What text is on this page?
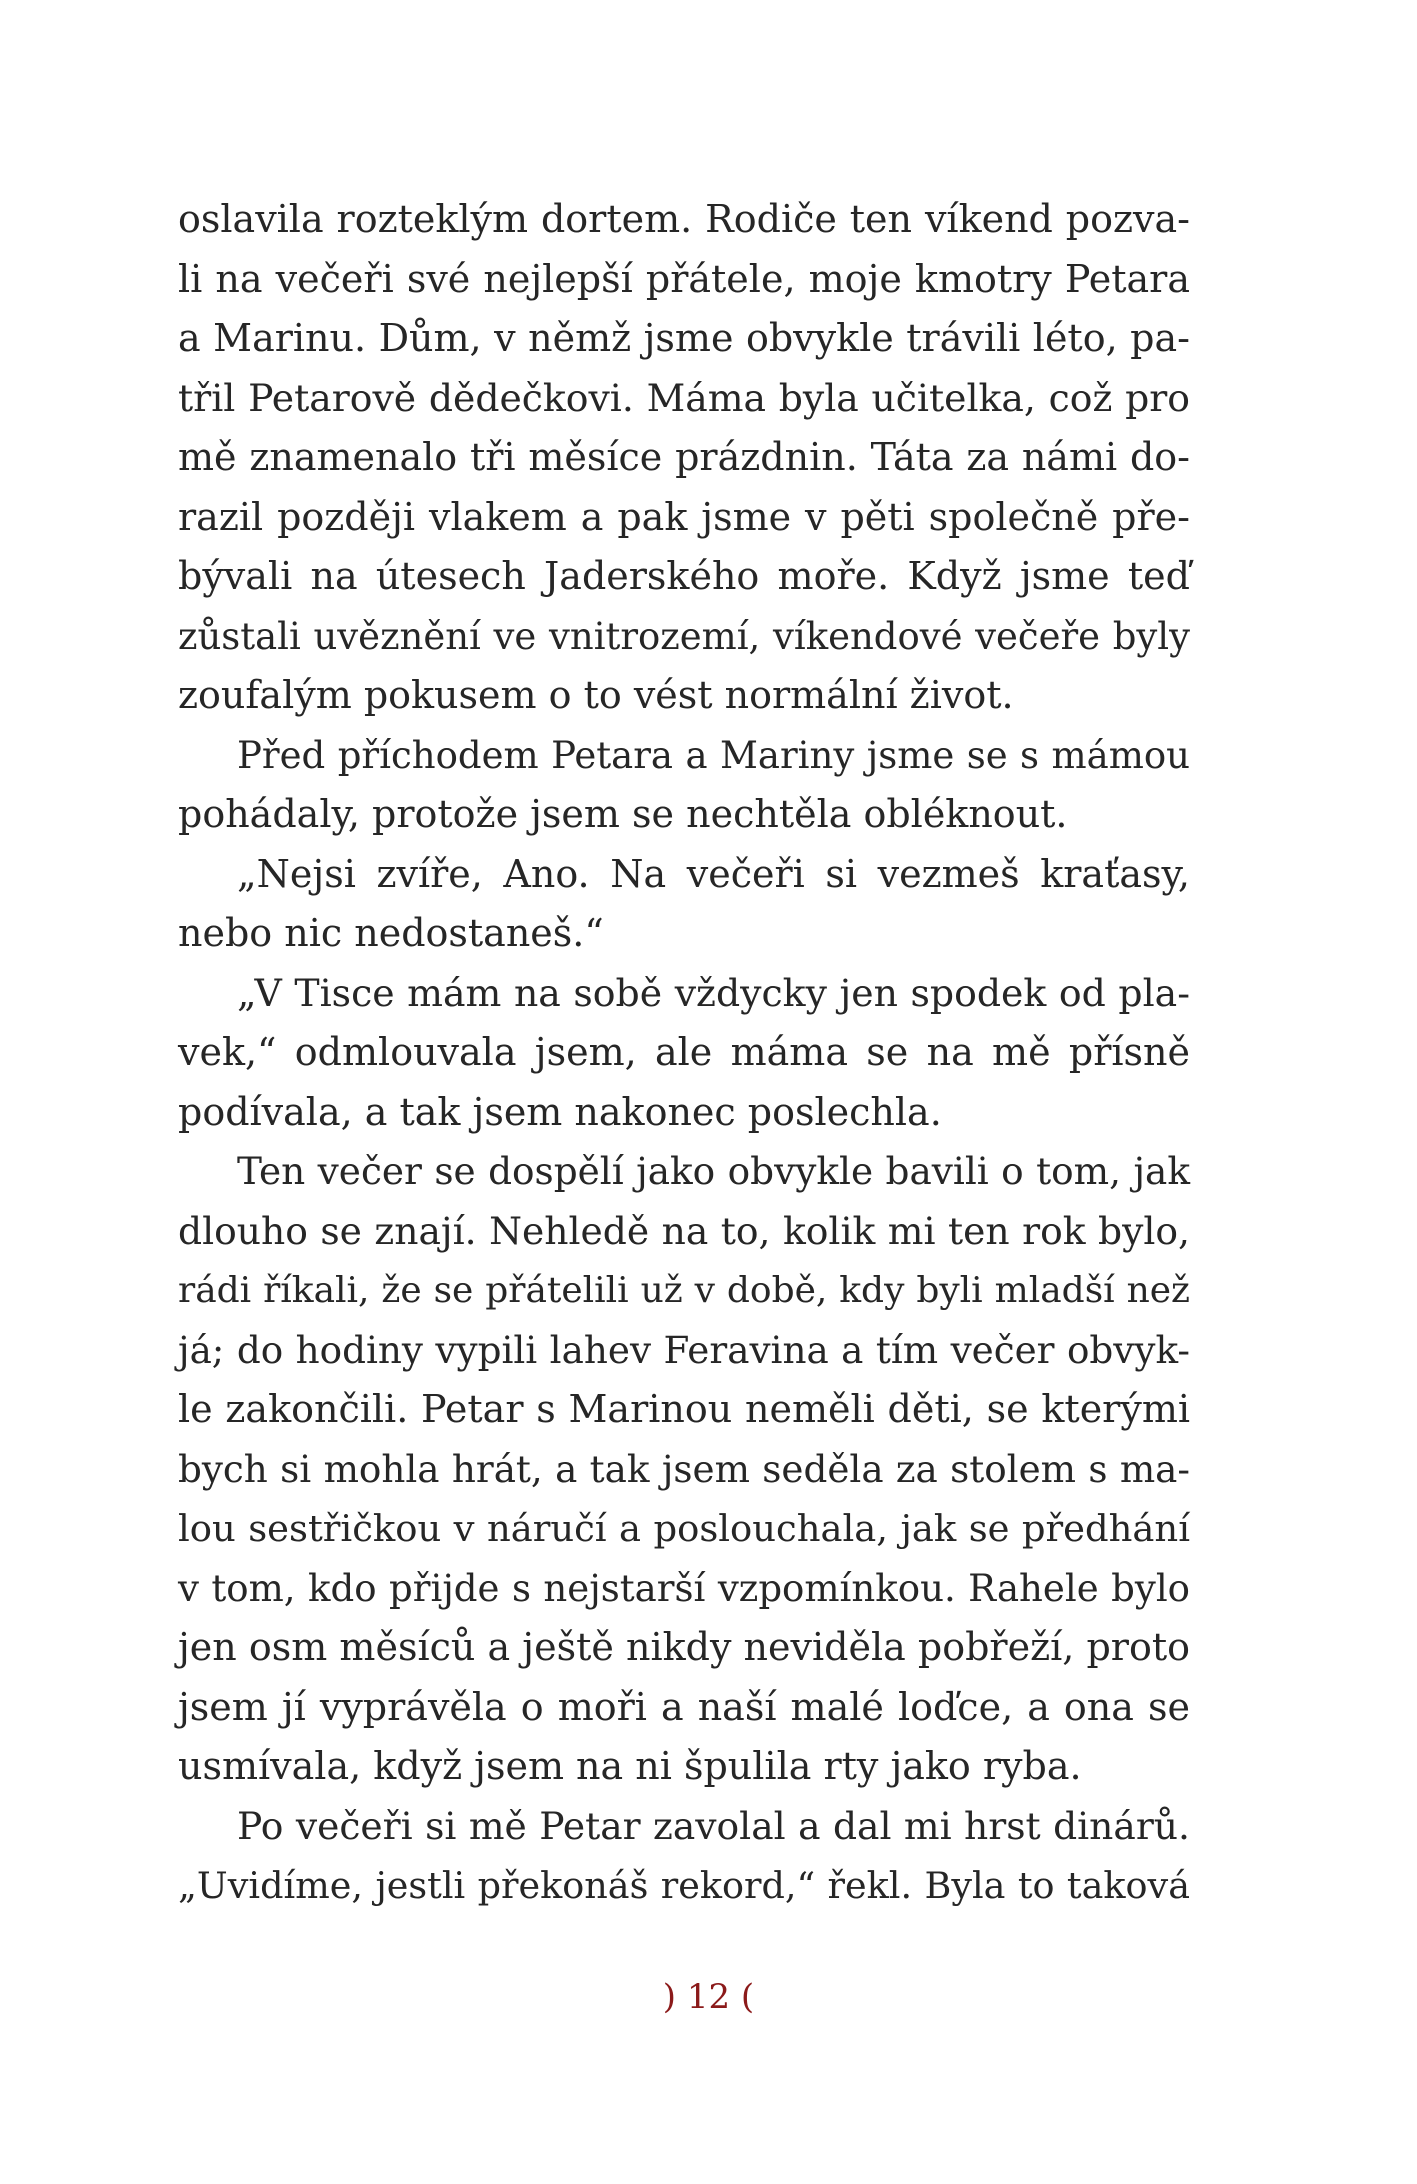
oslavila rozteklým dortem. Rodiče ten víkend pozva-
li na večeři své nejlepší přátele, moje kmotry Petara
a Marinu. Dům, v němž jsme obvykle trávili léto, pa-
třil Petarově dědečkovi. Máma byla učitelka, což pro
mě znamenalo tři měsíce prázdnin. Táta za námi do-
razil později vlakem a pak jsme v pěti společně pře-
bývali na útesech Jaderského moře. Když jsme teď
zůstali uvěznění ve vnitrozemí, víkendové večeře byly
zoufalým pokusem o to vést normální život.
Před příchodem Petara a Mariny jsme se s mámou
pohádaly, protože jsem se nechtěla obléknout.
„Nejsi zvíře, Ano. Na večeři si vezmeš kraťasy,
nebo nic nedostaneš.“
„V Tisce mám na sobě vždycky jen spodek od pla-
vek,“ odmlouvala jsem, ale máma se na mě přísně
podívala, a tak jsem nakonec poslechla.
Ten večer se dospělí jako obvykle bavili o tom, jak
dlouho se znají. Nehledě na to, kolik mi ten rok bylo,
rádi říkali, že se přátelili už v době, kdy byli mladší než
já; do hodiny vypili lahev Feravina a tím večer obvyk-
le zakončili. Petar s Marinou neměli děti, se kterými
bych si mohla hrát, a tak jsem seděla za stolem s ma-
lou sestřičkou v náručí a poslouchala, jak se předhání
v tom, kdo přijde s nejstarší vzpomínkou. Rahele bylo
jen osm měsíců a ještě nikdy neviděla pobřeží, proto
jsem jí vyprávěla o moři a naší malé loďce, a ona se
usmívala, když jsem na ni špulila rty jako ryba.
Po večeři si mě Petar zavolal a dal mi hrst dinárů.
„Uvidíme, jestli překonáš rekord,“ řekl. Byla to taková
) 12 (
